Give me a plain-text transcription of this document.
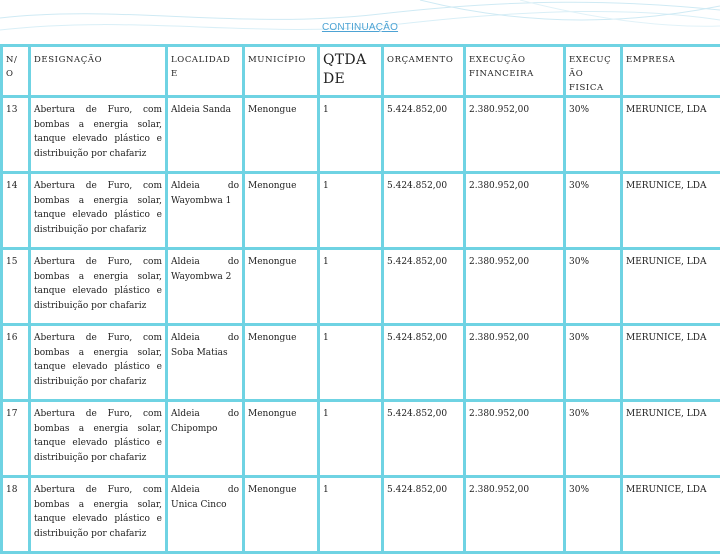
CONTINUAÇÃO
N/ O	DESIGNAÇÃO	LOCALIDAD E	MUNICÍPIO	QTDA DE	ORÇAMENTO	EXECUÇÃO FINANCEIRA	EXECUÇ ÃO FISICA	EMPRESA
13	Abertura de Furo, com bombas a energia solar, tanque elevado plástico e distribuição por chafariz	Aldeia Sanda	Menongue	1	5.424.852,00	2.380.952,00	30%	MERUNICE, LDA
14	Abertura de Furo, com bombas a energia solar, tanque elevado plástico e distribuição por chafariz	Aldeia do Wayombwa 1	Menongue	1	5.424.852,00	2.380.952,00	30%	MERUNICE, LDA
15	Abertura de Furo, com bombas a energia solar, tanque elevado plástico e distribuição por chafariz	Aldeia do Wayombwa 2	Menongue	1	5.424.852,00	2.380.952,00	30%	MERUNICE, LDA
16	Abertura de Furo, com bombas a energia solar, tanque elevado plástico e distribuição por chafariz	Aldeia do Soba Matias	Menongue	1	5.424.852,00	2.380.952,00	30%	MERUNICE, LDA
17	Abertura de Furo, com bombas a energia solar, tanque elevado plástico e distribuição por chafariz	Aldeia do Chipompo	Menongue	1	5.424.852,00	2.380.952,00	30%	MERUNICE, LDA
18	Abertura de Furo, com bombas a energia solar, tanque elevado plástico e distribuição por chafariz	Aldeia do Unica Cinco	Menongue	1	5.424.852,00	2.380.952,00	30%	MERUNICE, LDA
